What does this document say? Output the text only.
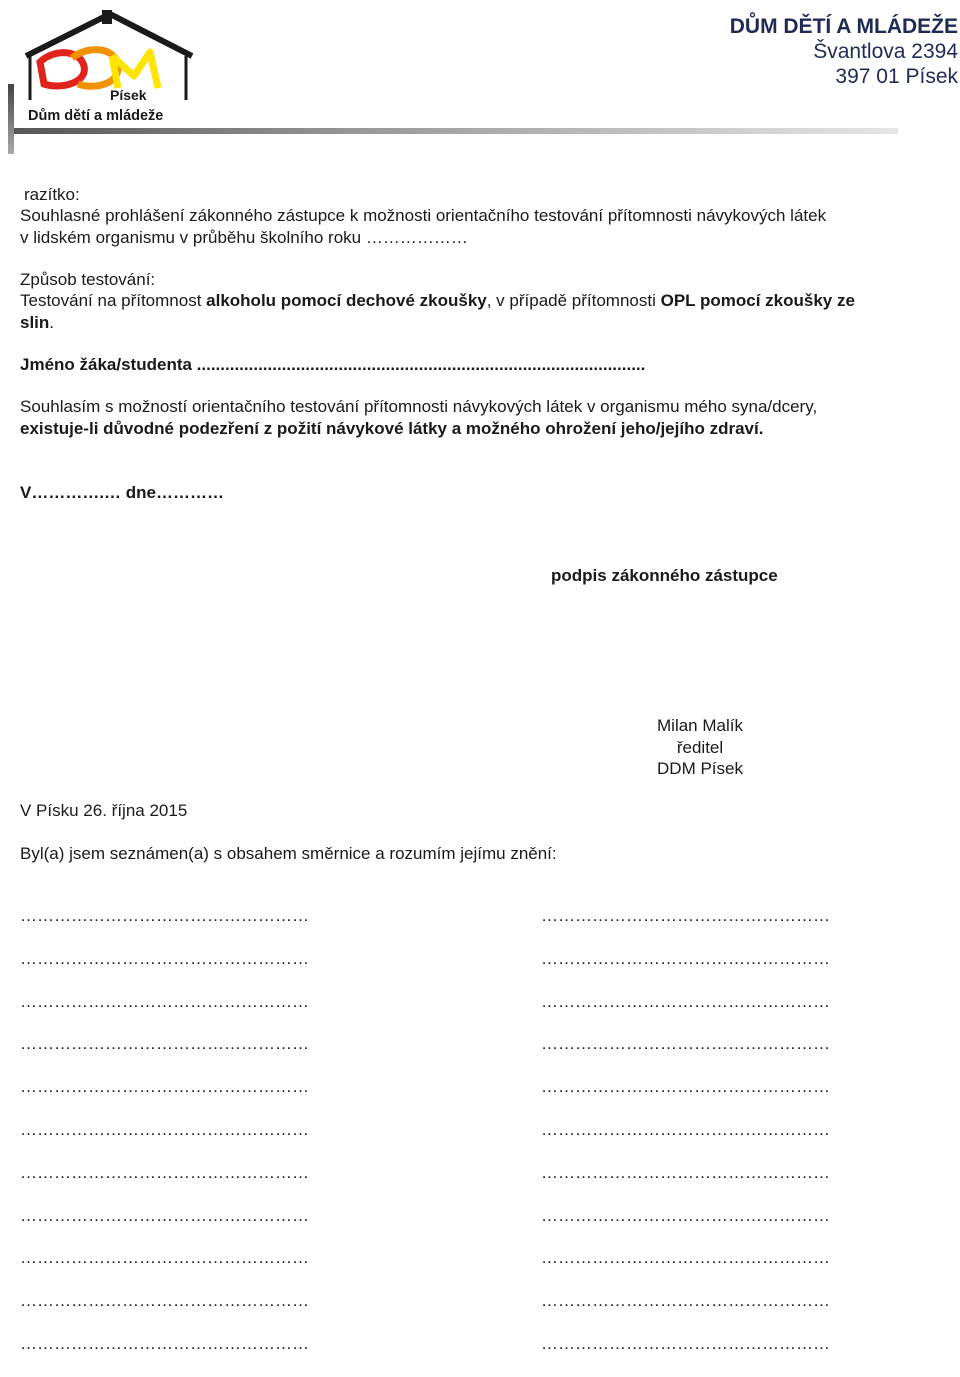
Písek
Dům dětí a mládeže
DŮM DĚTÍ A MLÁDEŽE
Švantlova 2394
397 01 Písek
razítko:
Souhlasné prohlášení zákonného zástupce k možnosti orientačního testování přítomnosti návykových látek
v lidském organismu v průběhu školního roku ………………
Způsob testování:
Testování na přítomnost alkoholu pomocí dechové zkoušky, v případě přítomnosti OPL pomocí zkoušky ze
slin.
Jméno žáka/studenta ...............................................................................................
Souhlasím s možností orientačního testování přítomnosti návykových látek v organismu mého syna/dcery,
existuje-li důvodné podezření z požití návykové látky a možného ohrožení jeho/jejího zdraví.
V………….… dne…………
podpis zákonného zástupce
Milan Malík
ředitel
DDM Písek
V Písku 26. října 2015
Byl(a) jsem seznámen(a) s obsahem směrnice a rozumím jejímu znění:
……………………………………………
……………………………………………
……………………………………………
……………………………………………
……………………………………………
……………………………………………
……………………………………………
……………………………………………
……………………………………………
……………………………………………
……………………………………………
……………………………………………
……………………………………………
……………………………………………
……………………………………………
……………………………………………
……………………………………………
……………………………………………
……………………………………………
……………………………………………
……………………………………………
……………………………………………
